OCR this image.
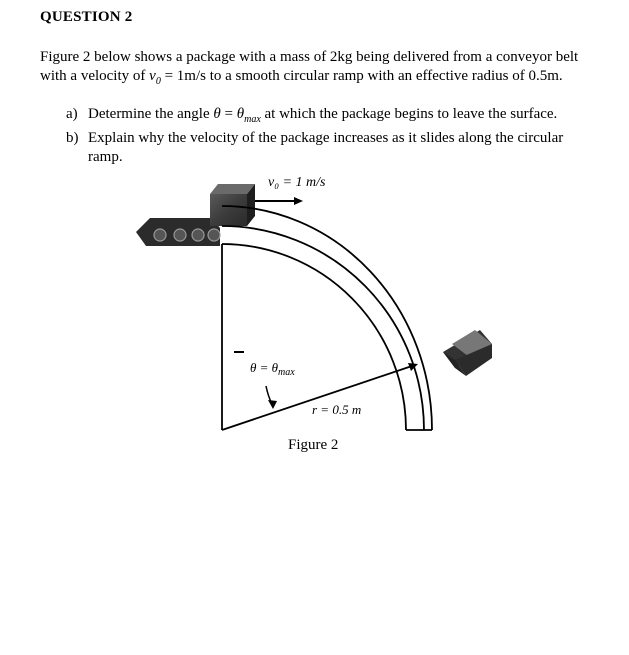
QUESTION 2
Figure 2 below shows a package with a mass of 2kg being delivered from a conveyor belt with a velocity of $v_0 = 1m/s$ to a smooth circular ramp with an effective radius of 0.5m.
a) Determine the angle $\theta = \theta_{max}$ at which the package begins to leave the surface.
b) Explain why the velocity of the package increases as it slides along the circular ramp.
v₀ = 1 m/s
$\theta = \theta_{max}$
r = 0.5 m
Figure 2
